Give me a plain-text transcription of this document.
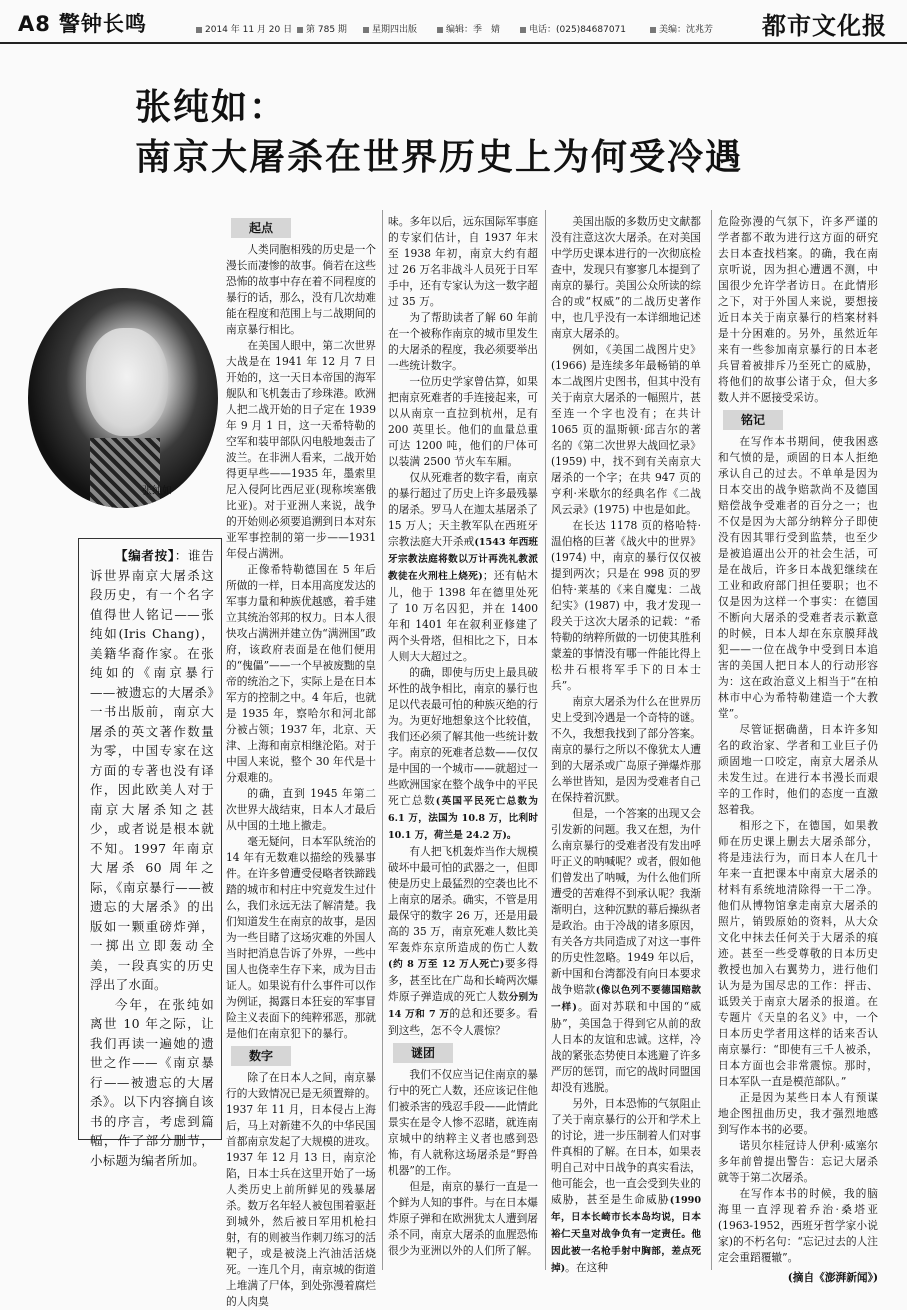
A8 警钟长鸣	2014 年 11 月 20 日	第 785 期	星期四出版	编辑：季　婧	电话：(025)84687071	美编：沈兆芳 都市文化报
张纯如：
南京大屠杀在世界历史上为何受冷遇
张纯如

【编者按】：谁告诉世界南京大屠杀这段历史，有一个名字值得世人铭记——张纯如(Iris Chang)，美籍华裔作家。在张纯如的《南京暴行——被遗忘的大屠杀》一书出版前，南京大屠杀的英文著作数量为零，中国专家在这方面的专著也没有译作，因此欧美人对于南京大屠杀知之甚少，或者说是根本就不知。1997 年南京大屠杀 60 周年之际，《南京暴行——被遗忘的大屠杀》的出版如一颗重磅炸弹，一掷出立即轰动全美，一段真实的历史浮出了水面。

今年，在张纯如离世 10 年之际，让我们再读一遍她的遗世之作——《南京暴行——被遗忘的大屠杀》。以下内容摘自该书的序言，考虑到篇幅，作了部分删节，小标题为编者所加。

起点

人类同胞相残的历史是一个漫长而凄惨的故事。倘若在这些恐怖的故事中存在着不同程度的暴行的话，那么，没有几次劫难能在程度和范围上与二战期间的南京暴行相比。

在美国人眼中，第二次世界大战是在 1941 年 12 月 7 日开始的，这一天日本帝国的海军舰队和飞机轰击了珍珠港。欧洲人把二战开始的日子定在 1939 年 9 月 1 日，这一天希特勒的空军和装甲部队闪电般地轰击了波兰。在非洲人看来，二战开始得更早些——1935 年，墨索里尼入侵阿比西尼亚(现称埃塞俄比亚)。对于亚洲人来说，战争的开始则必须要追溯到日本对东亚军事控制的第一步——1931 年侵占满洲。

正像希特勒德国在 5 年后所做的一样，日本用高度发达的军事力量和种族优越感，着手建立其统治邻邦的权力。日本人很快攻占满洲并建立伪“满洲国”政府，该政府表面是在他们便用的“傀儡”——一个早被废黜的皇帝的统治之下，实际上是在日本军方的控制之中。4 年后，也就是 1935 年，察哈尔和河北部分被占领；1937 年，北京、天津、上海和南京相继沦陷。对于中国人来说，整个 30 年代是十分艰难的。

的确，直到 1945 年第二次世界大战结束，日本人才最后从中国的土地上撤走。

毫无疑问，日本军队统治的 14 年有无数难以描绘的残暴事件。在许多曾遭受侵略者铁蹄践踏的城市和村庄中究竟发生过什么，我们永远无法了解清楚。我们知道发生在南京的故事，是因为一些目睹了这场灾难的外国人当时把消息告诉了外界，一些中国人也侥幸生存下来，成为目击证人。如果说有什么事件可以作为例证，揭露日本狂妄的军事冒险主义表面下的纯粹邪恶，那就是他们在南京犯下的暴行。

数字

除了在日本人之间，南京暴行的大致情况已是无须置辩的。1937 年 11 月，日本侵占上海后，马上对新建不久的中华民国首都南京发起了大规模的进攻。1937 年 12 月 13 日，南京沦陷，日本士兵在这里开始了一场人类历史上前所鲜见的残暴屠杀。数万名年轻人被包围着驱赶到城外，然后被日军用机枪扫射，有的则被当作刺刀练习的活靶子，或是被浇上汽油活活烧死。一连几个月，南京城的街道上堆满了尸体，到处弥漫着腐烂的人肉臭

味。多年以后，远东国际军事庭的专家们估计，自 1937 年末至 1938 年初，南京大约有超过 26 万名非战斗人员死于日军手中，还有专家认为这一数字超过 35 万。

为了帮助读者了解 60 年前在一个被称作南京的城市里发生的大屠杀的程度，我必须要举出一些统计数字。

一位历史学家曾估算，如果把南京死难者的手连接起来，可以从南京一直拉到杭州，足有 200 英里长。他们的血量总重可达 1200 吨，他们的尸体可以装满 2500 节火车车厢。

仅从死难者的数字看，南京的暴行超过了历史上许多最残暴的屠杀。罗马人在迦太基屠杀了 15 万人；天主教军队在西班牙宗教法庭大开杀戒(1543 年西班牙宗教法庭将数以万计再洗礼教派教徒在火刑柱上烧死)；还有帖木儿，他于 1398 年在德里处死了 10 万名囚犯，并在 1400 年和 1401 年在叙利亚修建了两个头骨塔，但相比之下，日本人则大大超过之。

的确，即使与历史上最具破坏性的战争相比，南京的暴行也足以代表最可怕的种族灭绝的行为。为更好地想象这个比较值，我们还必须了解其他一些统计数字。南京的死难者总数——仅仅是中国的一个城市——就超过一些欧洲国家在整个战争中的平民死亡总数(英国平民死亡总数为 6.1 万，法国为 10.8 万，比利时 10.1 万，荷兰是 24.2 万)。

有人把飞机轰炸当作大规模破坏中最可怕的武器之一，但即使是历史上最猛烈的空袭也比不上南京的屠杀。确实，不管是用最保守的数字 26 万，还是用最高的 35 万，南京死难人数比美军轰炸东京所造成的伤亡人数(约 8 万至 12 万人死亡)要多得多，甚至比在广岛和长崎两次爆炸原子弹造成的死亡人数分别为 14 万和 7 万的总和还要多。看到这些，怎不令人震惊？

谜团

我们不仅应当记住南京的暴行中的死亡人数，还应该记住他们被杀害的残忍手段——此情此景实在是令人惨不忍睹，就连南京城中的纳粹主义者也感到恐怖，有人就称这场屠杀是“野兽机器”的工作。

但是，南京的暴行一直是一个鲜为人知的事件。与在日本爆炸原子弹和在欧洲犹太人遭到屠杀不同，南京大屠杀的血腥恐怖很少为亚洲以外的人们所了解。

美国出版的多数历史文献都没有注意这次大屠杀。在对美国中学历史课本进行的一次彻底检查中，发现只有寥寥几本提到了南京的暴行。美国公众所读的综合的或“权威”的二战历史著作中，也几乎没有一本详细地记述南京大屠杀的。

例如，《美国二战图片史》(1966) 是连续多年最畅销的单本二战图片史图书，但其中没有关于南京大屠杀的一幅照片，甚至连一个字也没有；在共计 1065 页的温斯顿·邱吉尔的著名的《第二次世界大战回忆录》(1959) 中，找不到有关南京大屠杀的一个字；在共 947 页的亨利·米歇尔的经典名作《二战风云录》(1975) 中也是如此。

在长达 1178 页的格哈特·温伯格的巨著《战火中的世界》(1974) 中，南京的暴行仅仅被提到两次；只是在 998 页的罗伯特·莱基的《来自魔鬼：二战纪实》(1987) 中，我才发现一段关于这次大屠杀的记载：“希特勒的纳粹所做的一切使其胜利蒙羞的事情没有哪一件能比得上松井石根将军手下的日本士兵”。

南京大屠杀为什么在世界历史上受到冷遇是一个奇特的谜。不久，我想我找到了部分答案。南京的暴行之所以不像犹太人遭到的大屠杀或广岛原子弹爆炸那么举世皆知，是因为受难者自己在保持着沉默。

但是，一个答案的出现又会引发新的问题。我又在想，为什么南京暴行的受难者没有发出呼吁正义的呐喊呢？或者，假如他们曾发出了呐喊，为什么他们所遭受的苦难得不到承认呢？我渐渐明白，这种沉默的幕后操纵者是政治。由于冷战的诸多原因，有关各方共同造成了对这一事件的历史性忽略。1949 年以后，新中国和台湾都没有向日本要求战争赔款(像以色列不要德国赔款一样)。面对苏联和中国的“威胁”，美国急于得到它从前的敌人日本的友谊和忠诚。这样，冷战的紧张态势使日本逃避了许多严厉的惩罚，而它的战时同盟国却没有逃脱。

另外，日本恐怖的气氛阻止了关于南京暴行的公开和学术上的讨论，进一步压制着人们对事件真相的了解。在日本，如果表明自己对中日战争的真实看法，他可能会，也一直会受到失业的威胁，甚至是生命威胁(1990 年，日本长崎市长本岛均说，日本裕仁天皇对战争负有一定责任。他因此被一名枪手射中胸部，差点死掉)。在这种

危险弥漫的气氛下，许多严谨的学者都不敢为进行这方面的研究去日本查找档案。的确，我在南京听说，因为担心遭遇不测，中国很少允许学者访日。在此情形之下，对于外国人来说，要想接近日本关于南京暴行的档案材料是十分困难的。另外，虽然近年来有一些参加南京暴行的日本老兵冒着被排斥乃至死亡的威胁，将他们的故事公诸于众，但大多数人并不愿接受采访。

铭记

在写作本书期间，使我困惑和气愤的是，顽固的日本人拒绝承认自己的过去。不单单是因为日本交出的战争赔款尚不及德国赔偿战争受难者的百分之一；也不仅是因为大部分纳粹分子即使没有因其罪行受到监禁，也至少是被追逼出公开的社会生活，可是在战后，许多日本战犯继续在工业和政府部门担任要职；也不仅是因为这样一个事实：在德国不断向大屠杀的受难者表示歉意的时候，日本人却在东京膜拜战犯——一位在战争中受到日本追害的美国人把日本人的行动形容为：这在政治意义上相当于“在柏林市中心为希特勒建造一个大教堂”。

尽管证据确凿，日本许多知名的政治家、学者和工业巨子仍顽固地一口咬定，南京大屠杀从未发生过。在进行本书漫长而艰辛的工作时，他们的态度一直激怒着我。

相形之下，在德国，如果教师在历史课上删去大屠杀部分，将是违法行为，而日本人在几十年来一直把课本中南京大屠杀的材料有系统地清除得一干二净。他们从博物馆拿走南京大屠杀的照片，销毁原始的资料，从大众文化中抹去任何关于大屠杀的痕迹。甚至一些受尊敬的日本历史教授也加入右翼势力，进行他们认为是为国尽忠的工作：抨击、诋毁关于南京大屠杀的报道。在专题片《天皇的名义》中，一个日本历史学者用这样的话来否认南京暴行：“即使有三千人被杀，日本方面也会非常震惊。那时，日本军队一直是模范部队。”

正是因为某些日本人有预谋地企图扭曲历史，我才强烈地感到写作本书的必要。

诺贝尔桂冠诗人伊利·威塞尔多年前曾提出警告：忘记大屠杀就等于第二次屠杀。

在写作本书的时候，我的脑海里一直浮现着乔治·桑塔亚(1963-1952，西班牙哲学家小说家)的不朽名句：“忘记过去的人注定会重蹈覆辙”。

(摘自《澎湃新闻》)
